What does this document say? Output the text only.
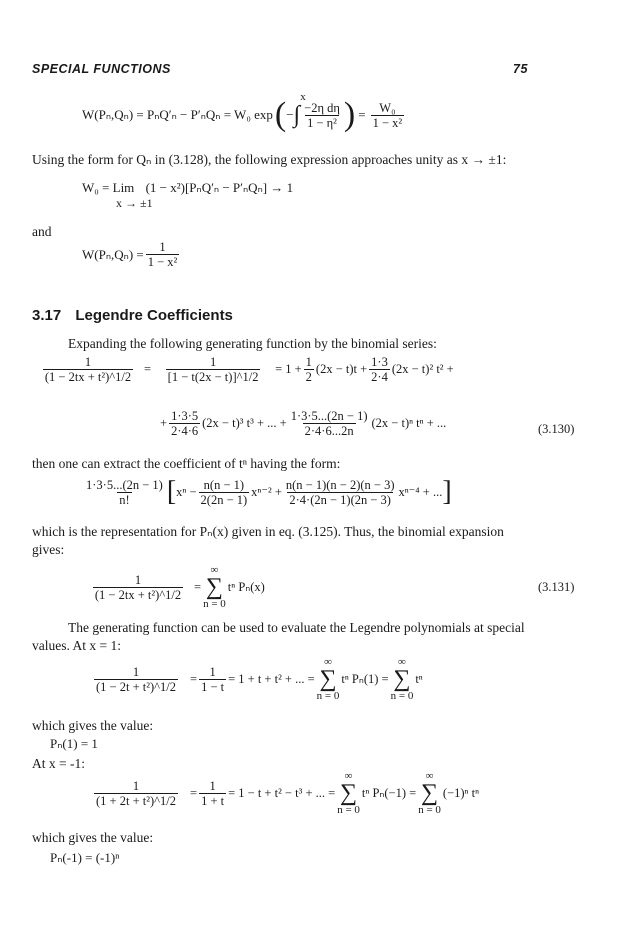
SPECIAL FUNCTIONS	75
W(Pₙ,Qₙ) = PₙQ′ₙ − P′ₙQₙ = W₀ exp ( x
− ∫ $\frac{\text{−2η dη}}{\text{1 − η²}}$ ) = $\frac{\text{W₀}}{\text{1 − x²}}$
Using the form for Qₙ in (3.128), the following expression approaches unity as x → ±1:
W₀ = Lim (1 − x²)[PₙQ′ₙ − P′ₙQₙ] → 1
x → ±1
and
$W(P_n,Q_n) = \frac{1}{\text{1 − x²}}$
3.17 Legendre Coefficients
Expanding the following generating function by the binomial series:
$\frac{1}{\text{(1 − 2tx + t²)\textasciicircum{}1/2}} = \frac{1}{[1 - t(2x - t)]\^{}1/2} = 1 + \frac{1}{2} (2x - t)t + \frac{1\cdot 3}{2\cdot 4} (2x - t)^2$ t² +
+ $\frac{1\cdot 3\cdot 5}{2\cdot 4\cdot 6} (2x - t)^3$ t³ + ... + $\frac{1\cdot 3\cdot 5...(2n - 1)}{2\cdot 4\cdot 6...2n} (2x - t)^n$ tⁿ + ...	(3.130)
then one can extract the coefficient of tⁿ having the form:
$\frac{1\cdot 3\cdot 5...(2n - 1)}{n!}$ [ $x^n - \frac{n(n - 1)}{2(2n - 1)} x^{n-2} + \frac{n(n - 1)(n - 2)(n - 3)}{2\cdot 4\cdot(2n - 1)(2n - 3)} x^{n-4}$ + ... ]
which is the representation for Pₙ(x) given in eq. (3.125). Thus, the binomial expansion
gives:
$\frac{1}{\text{(1 − 2tx + t²)\textasciicircum{}1/2}}$ =
∞
∑
n = 0
tⁿ Pₙ(x)	(3.131)
The generating function can be used to evaluate the Legendre polynomials at special
values. At x = 1:
$\frac{1}{\text{(1 − 2t + t²)\textasciicircum{}1/2}} = \frac{1}{1 - t} = 1 + t + t^2$ + ... =
∞
∑
n = 0
tⁿ Pₙ(1) =
∞
∑
n = 0
tⁿ
which gives the value:
Pₙ(1) = 1
At x = -1:
$\frac{1}{\text{(1 + 2t + t²)\textasciicircum{}1/2}} = \frac{1}{1 + t} = 1 - t + t^2 - t^3$ + ... =
∞
∑
n = 0
tⁿ Pₙ(−1) =
∞
∑
n = 0
(−1)ⁿ tⁿ
which gives the value:
Pₙ(-1) = (-1)ⁿ
